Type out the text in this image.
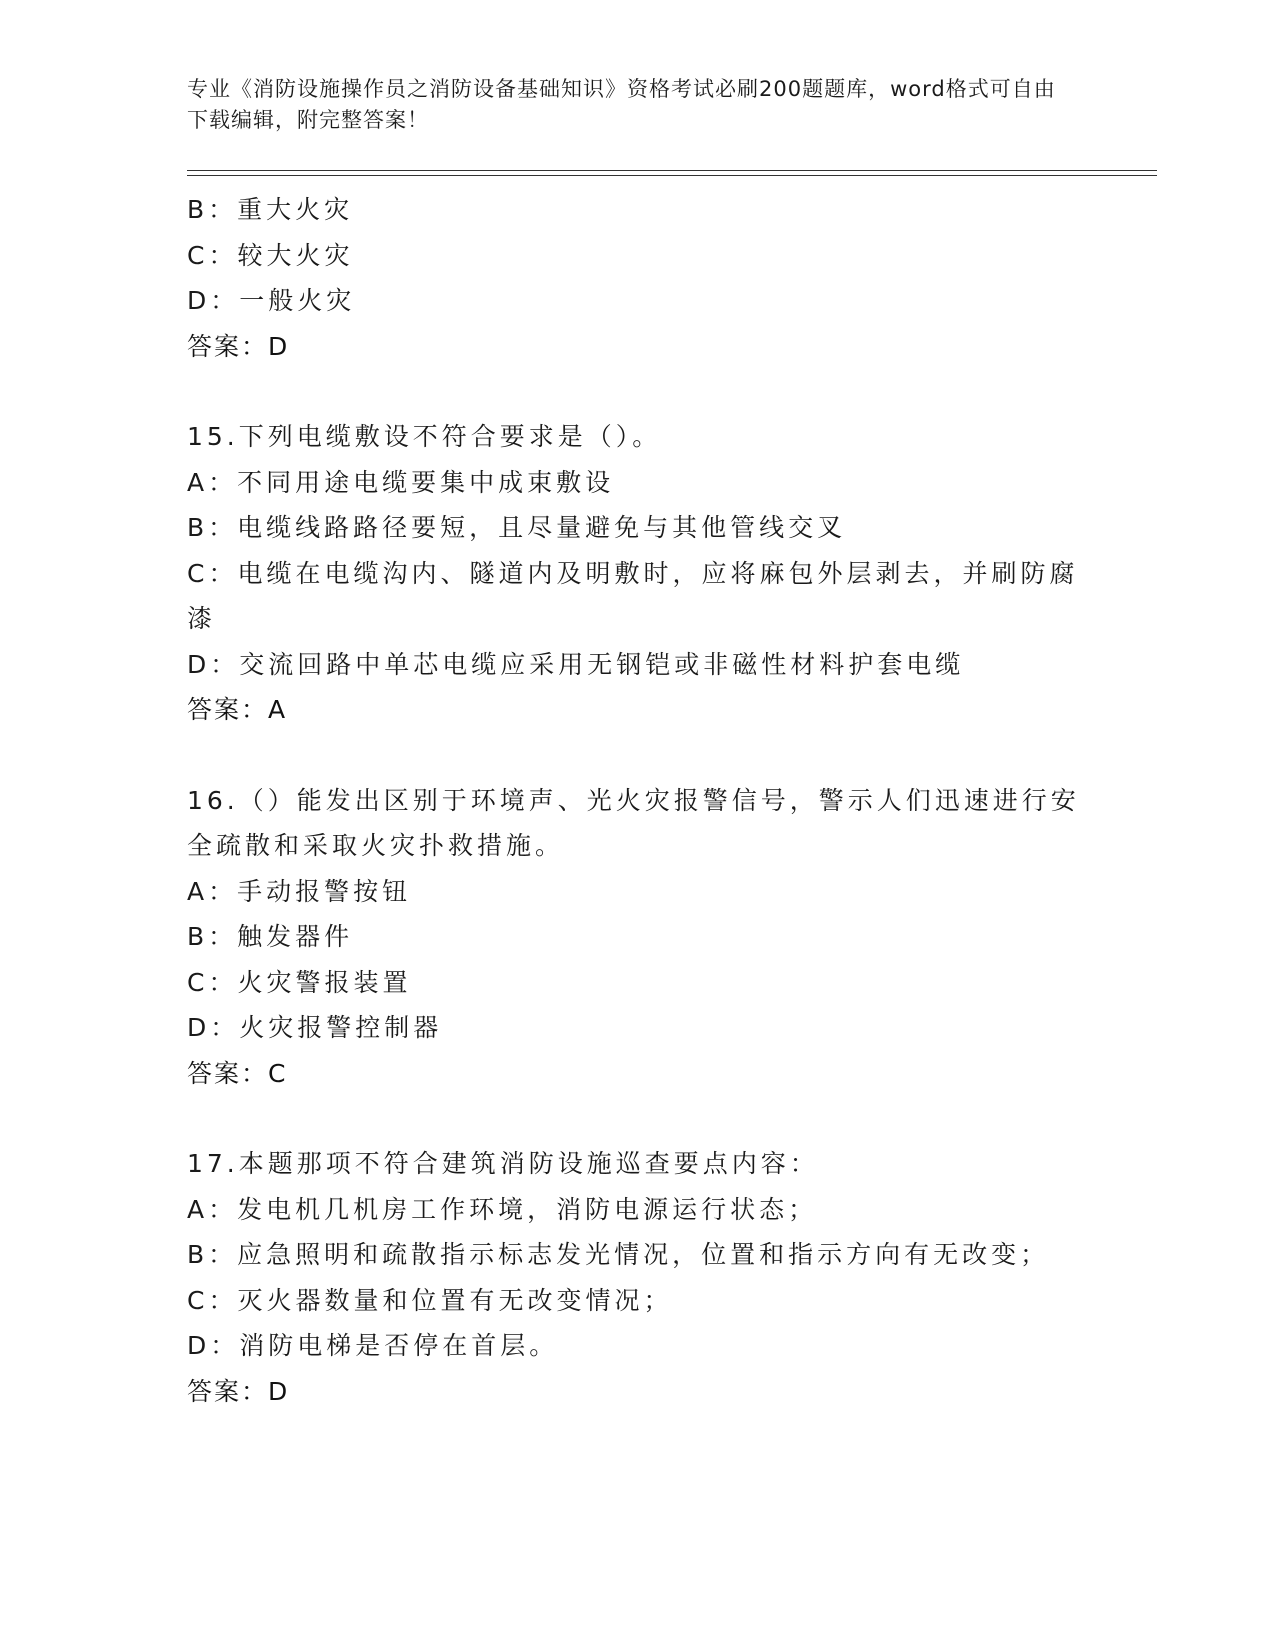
专业《消防设施操作员之消防设备基础知识》资格考试必刷200题题库，word格式可自由下载编辑，附完整答案！
B：重大火灾
C：较大火灾
D：一般火灾
答案：D
15.下列电缆敷设不符合要求是（）。
A：不同用途电缆要集中成束敷设
B：电缆线路路径要短，且尽量避免与其他管线交叉
C：电缆在电缆沟内、隧道内及明敷时，应将麻包外层剥去，并刷防腐漆
D：交流回路中单芯电缆应采用无钢铠或非磁性材料护套电缆
答案：A
16.（）能发出区别于环境声、光火灾报警信号，警示人们迅速进行安全疏散和采取火灾扑救措施。
A：手动报警按钮
B：触发器件
C：火灾警报装置
D：火灾报警控制器
答案：C
17.本题那项不符合建筑消防设施巡查要点内容：
A：发电机几机房工作环境，消防电源运行状态；
B：应急照明和疏散指示标志发光情况，位置和指示方向有无改变；
C：灭火器数量和位置有无改变情况；
D：消防电梯是否停在首层。
答案：D
